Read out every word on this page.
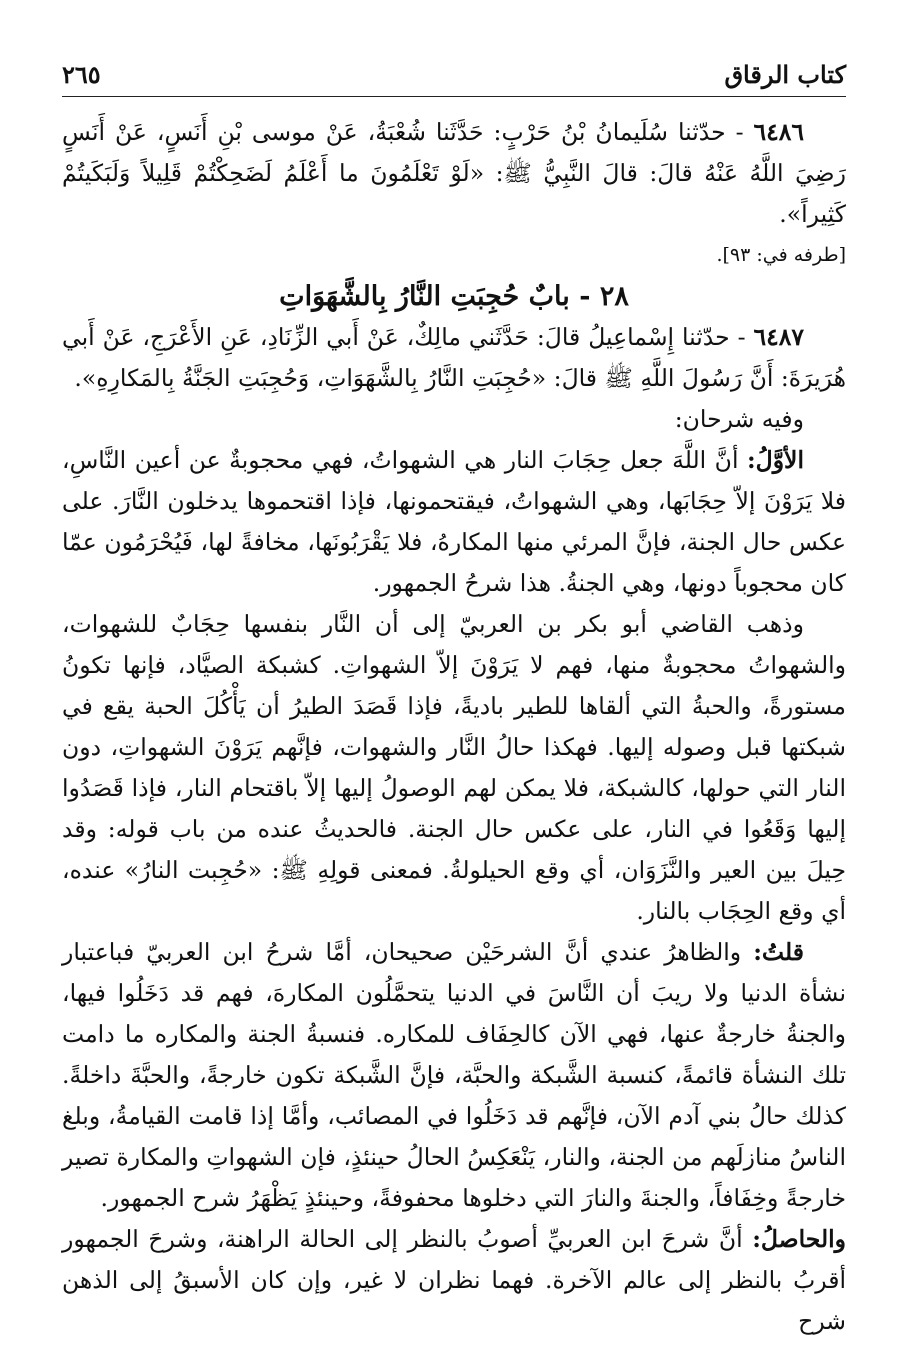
كتاب الرقاق
٢٦٥

٦٤٨٦ - حدّثنا سُلَيمانُ بْنُ حَرْبٍ: حَدَّثَنا شُعْبَةُ، عَنْ موسى بْنِ أَنَسٍ، عَنْ أَنَسٍ رَضِيَ اللَّهُ عَنْهُ قالَ: قالَ النَّبِيُّ ﷺ: «لَوْ تَعْلَمُونَ ما أَعْلَمُ لَضَحِكْتُمْ قَلِيلاً وَلَبَكَيتُمْ كَثِيراً».

[طرفه في: ٩٣].

٢٨ - بابٌ حُجِبَتِ النَّارُ بِالشَّهَوَاتِ

٦٤٨٧ - حدّثنا إِسْماعِيلُ قالَ: حَدَّثَني مالِكٌ، عَنْ أَبي الزِّنَادِ، عَنِ الأَعْرَجِ، عَنْ أَبي هُرَيرَةَ: أَنَّ رَسُولَ اللَّهِ ﷺ قالَ: «حُجِبَتِ النَّارُ بِالشَّهَوَاتِ، وَحُجِبَتِ الجَنَّةُ بِالمَكارِهِ».

وفيه شرحان:

الأوَّلُ: أنَّ اللَّهَ جعل حِجَابَ النار هي الشهواتُ، فهي محجوبةٌ عن أعين النَّاسِ، فلا يَرَوْنَ إلاّ حِجَابَها، وهي الشهواتُ، فيقتحمونها، فإذا اقتحموها يدخلون النَّارَ. على عكس حال الجنة، فإنَّ المرئي منها المكارهُ، فلا يَقْرَبُونَها، مخافةً لها، فَيُحْرَمُون عمّا كان محجوباً دونها، وهي الجنةُ. هذا شرحُ الجمهور.

وذهب القاضي أبو بكر بن العربيّ إلى أن النَّار بنفسها حِجَابٌ للشهوات، والشهواتُ محجوبةٌ منها، فهم لا يَرَوْنَ إلاّ الشهواتِ. كشبكة الصيَّاد، فإنها تكونُ مستورةً، والحبةُ التي ألقاها للطير باديةً، فإذا قَصَدَ الطيرُ أن يَأْكُلَ الحبة يقع في شبكتها قبل وصوله إليها. فهكذا حالُ النَّار والشهوات، فإنَّهم يَرَوْنَ الشهواتِ، دون النار التي حولها، كالشبكة، فلا يمكن لهم الوصولُ إليها إلاّ باقتحام النار، فإذا قَصَدُوا إليها وَقَعُوا في النار، على عكس حال الجنة. فالحديثُ عنده من باب قوله: وقد حِيلَ بين العير والنَّزَوَان، أي وقع الحيلولةُ. فمعنى قولِهِ ﷺ: «حُجِبت النارُ» عنده، أي وقع الحِجَاب بالنار.

قلتُ: والظاهرُ عندي أنَّ الشرحَيْن صحيحان، أمَّا شرحُ ابن العربيّ فباعتبار نشأة الدنيا ولا ريبَ أن النَّاسَ في الدنيا يتحمَّلُون المكارهَ، فهم قد دَخَلُوا فيها، والجنةُ خارجةٌ عنها، فهي الآن كالحِفَاف للمكاره. فنسبةُ الجنة والمكاره ما دامت تلك النشأة قائمةً، كنسبة الشَّبكة والحبَّة، فإنَّ الشَّبكة تكون خارجةً، والحبَّةَ داخلةً. كذلك حالُ بني آدم الآن، فإنَّهم قد دَخَلُوا في المصائب، وأمَّا إذا قامت القيامةُ، وبلغ الناسُ منازلَهم من الجنة، والنار، يَنْعَكِسُ الحالُ حينئذٍ، فإن الشهواتِ والمكارة تصير خارجةً وخِفَافاً، والجنةَ والنارَ التي دخلوها محفوفةً، وحينئذٍ يَظْهَرُ شرح الجمهور.

والحاصلُ: أنَّ شرحَ ابن العربيِّ أصوبُ بالنظر إلى الحالة الراهنة، وشرحَ الجمهور أقربُ بالنظر إلى عالم الآخرة. فهما نظران لا غير، وإن كان الأسبقُ إلى الذهن شرح
